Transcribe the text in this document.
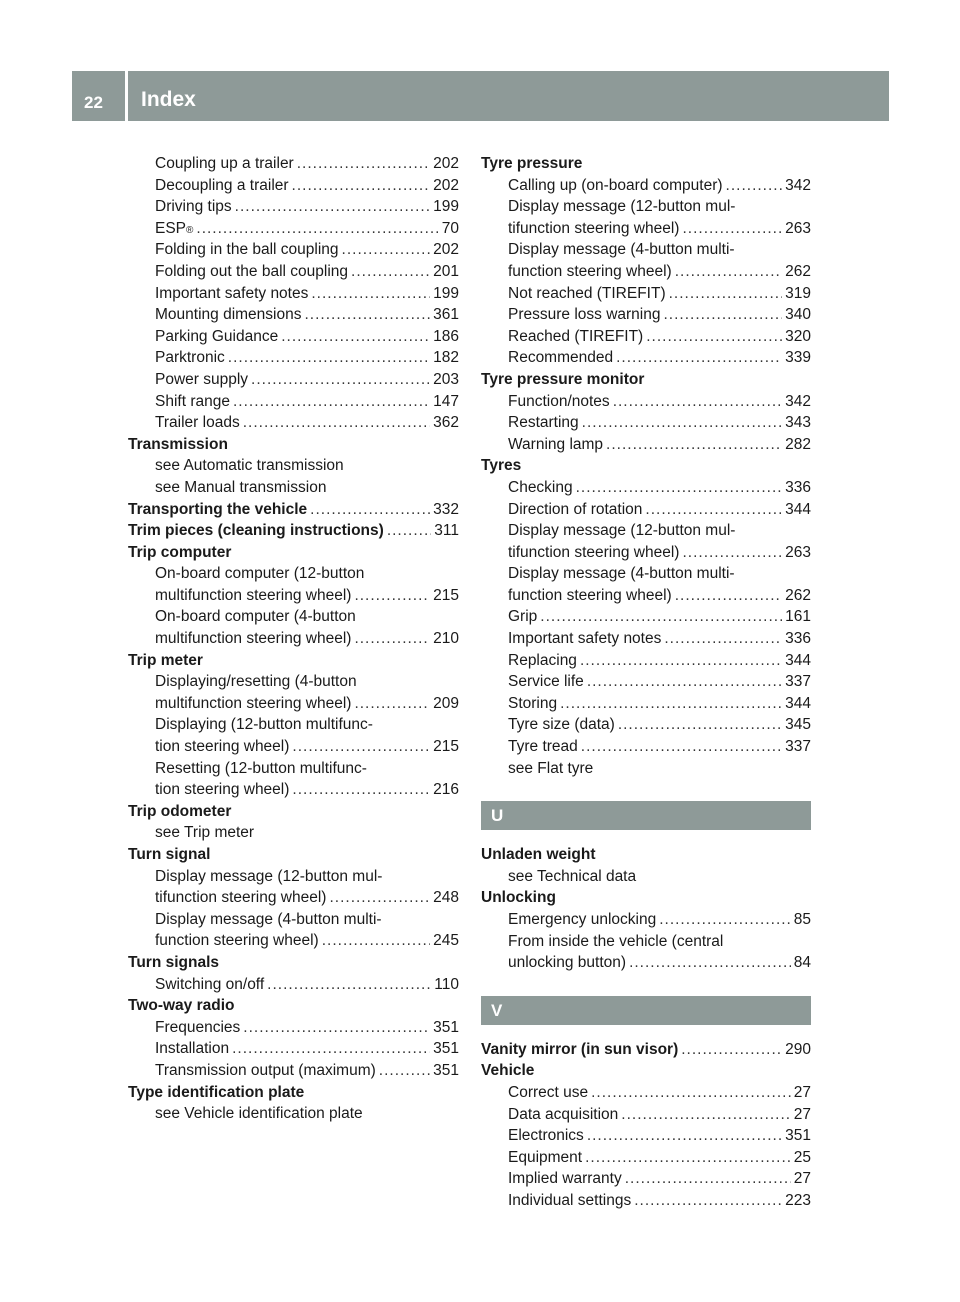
22 Index
Coupling up a trailer .....	202
Decoupling a trailer .....	202
Driving tips .....	199
ESP ® .....	70
Folding in the ball coupling .....	202
Folding out the ball coupling .....	201
Important safety notes .....	199
Mounting dimensions .....	361
Parking Guidance .....	186
Parktronic .....	182
Power supply .....	203
Shift range .....	147
Trailer loads .....	362
Transmission
see Automatic transmission
see Manual transmission
Transporting the vehicle .....	332
Trim pieces (cleaning instructions) .....	311
Trip computer
On-board computer (12-button
multifunction steering wheel) .....	215
On-board computer (4-button
multifunction steering wheel) .....	210
Trip meter
Displaying/resetting (4-button
multifunction steering wheel) .....	209
Displaying (12-button multifunc-
tion steering wheel) .....	215
Resetting (12-button multifunc-
tion steering wheel) .....	216
Trip odometer
see Trip meter
Turn signal
Display message (12-button mul-
tifunction steering wheel) .....	248
Display message (4-button multi-
function steering wheel) .....	245
Turn signals
Switching on/off .....	110
Two-way radio
Frequencies .....	351
Installation .....	351
Transmission output (maximum) .....	351
Type identification plate
see Vehicle identification plate
Tyre pressure
Calling up (on-board computer) .....	342
Display message (12-button mul-
tifunction steering wheel) .....	263
Display message (4-button multi-
function steering wheel) .....	262
Not reached (TIREFIT) .....	319
Pressure loss warning .....	340
Reached (TIREFIT) .....	320
Recommended .....	339
Tyre pressure monitor
Function/notes .....	342
Restarting .....	343
Warning lamp .....	282
Tyres
Checking .....	336
Direction of rotation .....	344
Display message (12-button mul-
tifunction steering wheel) .....	263
Display message (4-button multi-
function steering wheel) .....	262
Grip .....	161
Important safety notes .....	336
Replacing .....	344
Service life .....	337
Storing .....	344
Tyre size (data) .....	345
Tyre tread .....	337
see Flat tyre
U
Unladen weight
see Technical data
Unlocking
Emergency unlocking .....	85
From inside the vehicle (central
unlocking button) .....	84
V
Vanity mirror (in sun visor) .....	290
Vehicle
Correct use .....	27
Data acquisition .....	27
Electronics .....	351
Equipment .....	25
Implied warranty .....	27
Individual settings .....	223
